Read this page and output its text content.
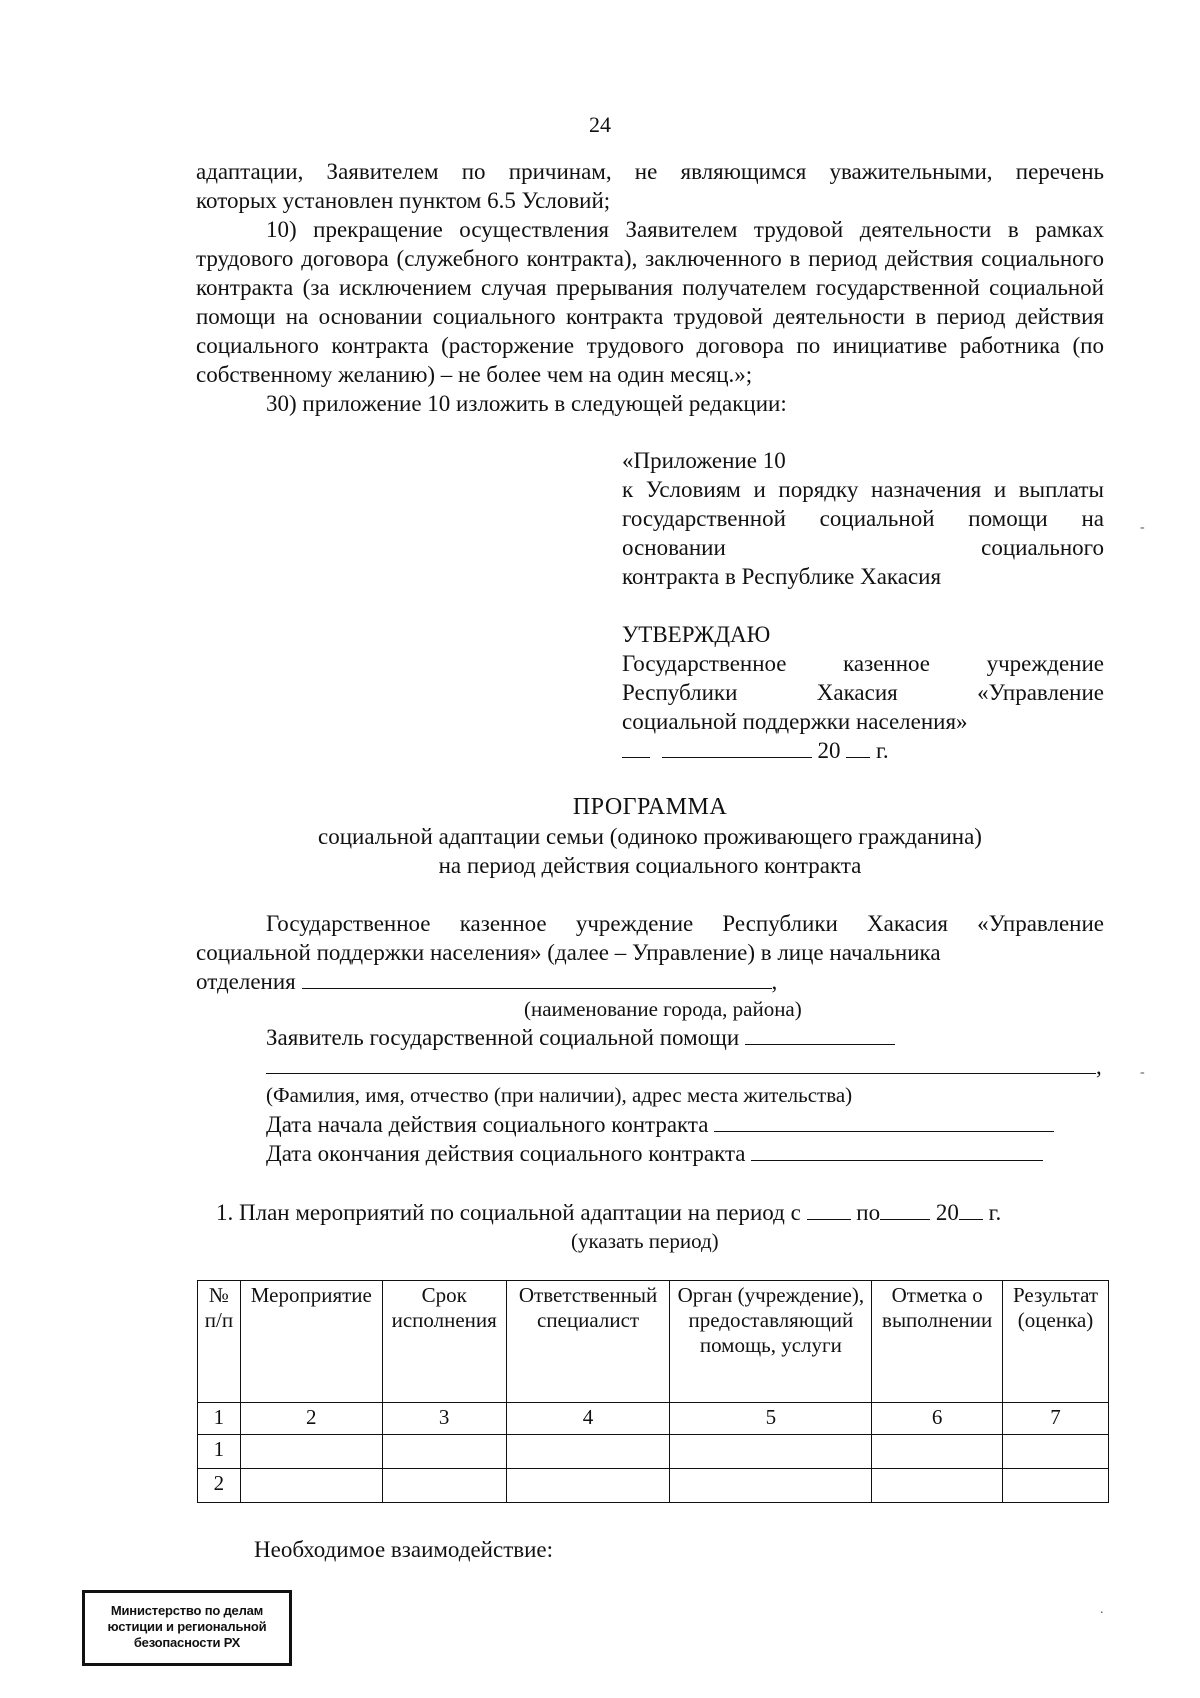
24

адаптации, Заявителем по причинам, не являющимся уважительными, перечень

которых установлен пунктом 6.5 Условий;

10) прекращение осуществления Заявителем трудовой деятельности в рамках трудового договора (служебного контракта), заключенного в период действия социального контракта (за исключением случая прерывания получателем государственной социальной помощи на основании социального контракта трудовой деятельности в период действия социального контракта (расторжение трудового договора по инициативе работника (по собственному желанию) – не более чем на один месяц.»;

30) приложение 10 изложить в следующей редакции:

«Приложение 10

к Условиям и порядку назначения и выплаты государственной социальной помощи на основании социального

контракта в Республике Хакасия

УТВЕРЖДАЮ

Государственное казенное учреждение Республики Хакасия «Управление

социальной поддержки населения»

20 г.

ПРОГРАММА

социальной адаптации семьи (одиноко проживающего гражданина)

на период действия социального контракта

Государственное казенное учреждение Республики Хакасия «Управление социальной поддержки населения» (далее – Управление) в лице начальника

отделения	,

(наименование города, района)

Заявитель государственной социальной помощи

,

(Фамилия, имя, отчество (при наличии), адрес места жительства)

Дата начала действия социального контракта

Дата окончания действия социального контракта

1. План мероприятий по социальной адаптации на период с по 20 г.

(указать период)

№ п/п	Мероприятие	Срок исполнения	Ответственный специалист	Орган (учреждение), предоставляющий помощь, услуги	Отметка о выполнении	Результат (оценка)
1	2	3	4	5	6	7
1						
2						

Необходимое взаимодействие:

Министерство по делам
юстиции и региональной
безопасности РХ
-
-
.
